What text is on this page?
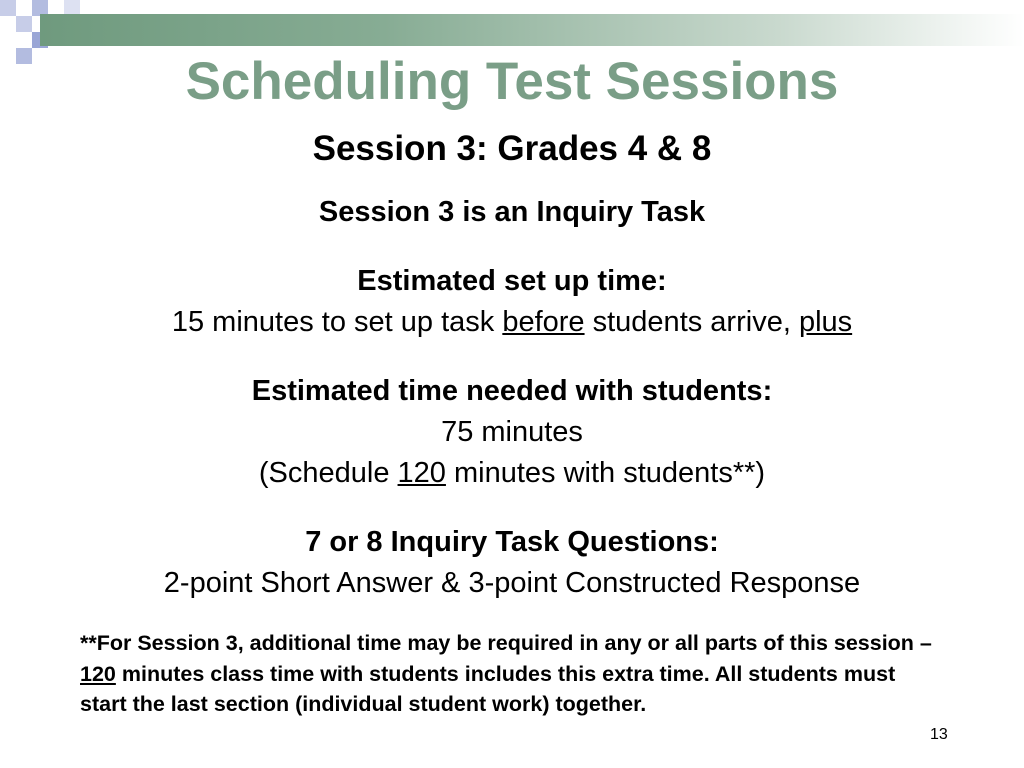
Scheduling Test Sessions

Session 3: Grades 4 & 8

Session 3 is an Inquiry Task

Estimated set up time:
15 minutes to set up task before students arrive, plus

Estimated time needed with students:
75 minutes
(Schedule 120 minutes with students**)

7 or 8 Inquiry Task Questions:
2-point Short Answer & 3-point Constructed Response

**For Session 3, additional time may be required in any or all parts of this session – 120 minutes class time with students includes this extra time. All students must start the last section (individual student work) together.

13
